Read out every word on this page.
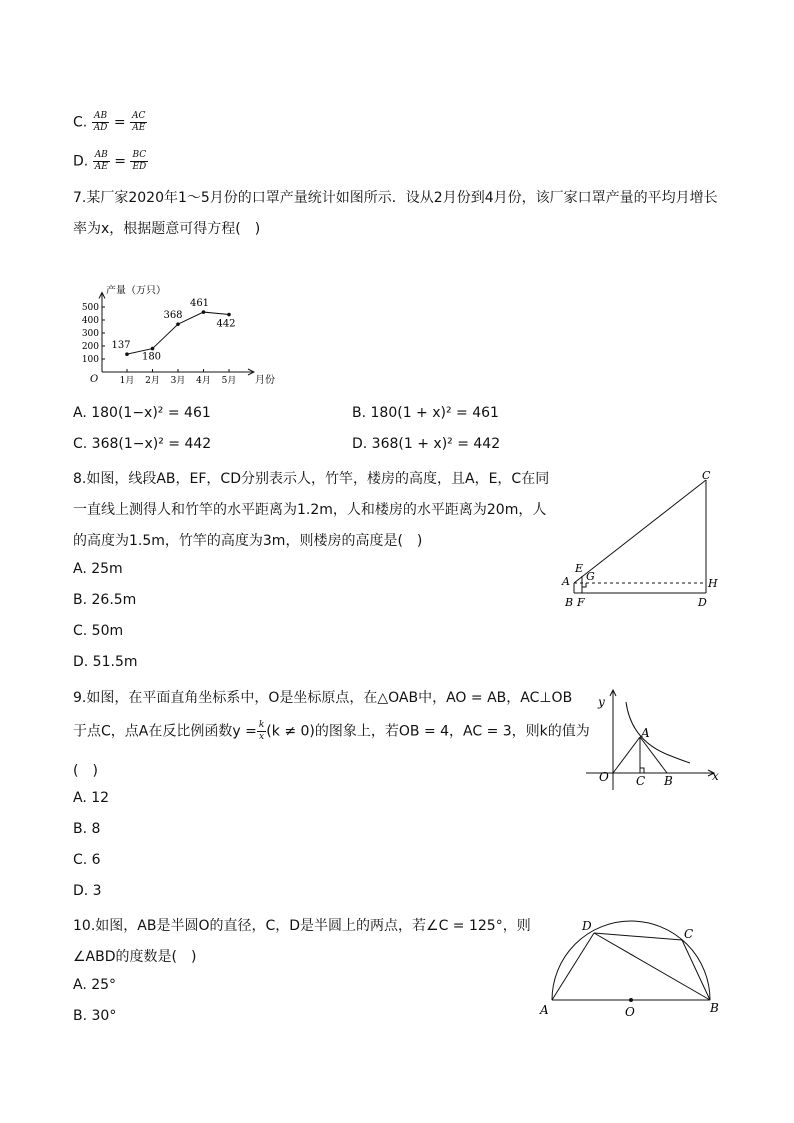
C. $\frac{AB}{AD} = \frac{AC}{AE}$
D. $\frac{AB}{AE} = \frac{BC}{ED}$
7.某厂家2020年1～5月份的口罩产量统计如图所示．设从2月份到4月份，该厂家口罩产量的平均月增长
率为x，根据题意可得方程(　)
产量（万只）
O
100
200
300
400
500
1月 2月 3月 4月 5月 月份
137
180
368
461
442
A. 180(1−x)² = 461	B. 180(1 + x)² = 461
C. 368(1−x)² = 442	D. 368(1 + x)² = 442
8.如图，线段AB，EF，CD分别表示人，竹竿，楼房的高度，且A，E，C在同
一直线上测得人和竹竿的水平距离为1.2m，人和楼房的水平距离为20m，人
的高度为1.5m，竹竿的高度为3m，则楼房的高度是(　)
A. 25m
B. 26.5m
C. 50m
D. 51.5m
C
E
A G
H
B F	D
9.如图，在平面直角坐标系中，O是坐标原点，在△OAB中，AO = AB，AC⊥OB
于点C，点A在反比例函数$y = \frac{k}{x} (k \ne 0)$的图象上，若OB = 4，AC = 3，则k的值为
(　)
A. 12
B. 8
C. 6
D. 3
y
x
O
A
C B
10.如图，AB是半圆O的直径，C，D是半圆上的两点，若∠C = 125°，则
∠ABD的度数是(　)
A. 25°
B. 30°
D
C
A	O	B
